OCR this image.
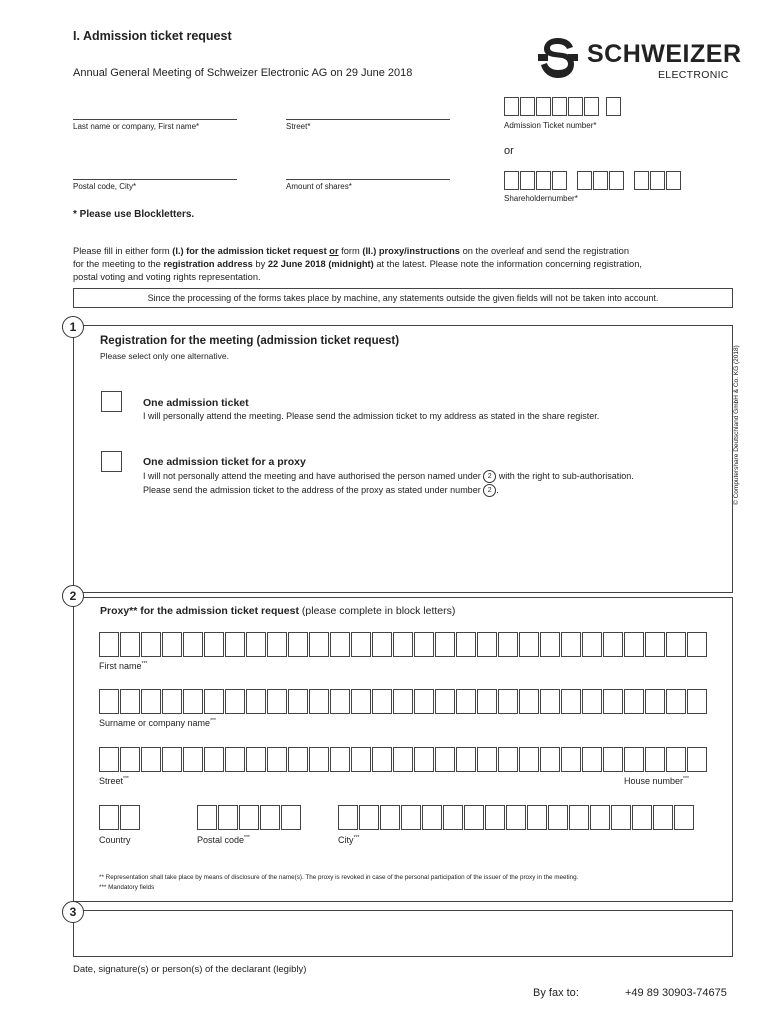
I. Admission ticket request
Annual General Meeting of Schweizer Electronic AG on 29 June 2018
SCHWEIZER
ELECTRONIC
Last name or company, First name*	Street*
Postal code, City*	Amount of shares*
Admission Ticket number*
or
Shareholdernumber*
* Please use Blockletters.
Please fill in either form (I.) for the admission ticket request or form (II.) proxy/instructions on the overleaf and send the registration
for the meeting to the registration address by 22 June 2018 (midnight) at the latest. Please note the information concerning registration,
postal voting and voting rights representation.
Since the processing of the forms takes place by machine, any statements outside the given fields will not be taken into account.
1
Registration for the meeting (admission ticket request)
Please select only one alternative.
One admission ticket
I will personally attend the meeting. Please send the admission ticket to my address as stated in the share register.
One admission ticket for a proxy
I will not personally attend the meeting and have authorised the person named under 2 with the right to sub-authorisation.
Please send the admission ticket to the address of the proxy as stated under number 2 .
2
Proxy** for the admission ticket request (please complete in block letters)
First name***
Surname or company name***
Street***	House number***
Country	Postal code***	City***
** Representation shall take place by means of disclosure of the name(s). The proxy is revoked in case of the personal participation of the issuer of the proxy in the meeting.
*** Mandatory fields
3
Date, signature(s) or person(s) of the declarant (legibly)
By fax to:	+49 89 30903-74675
© Computershare Deutschland GmbH & Co. KG (2018)
